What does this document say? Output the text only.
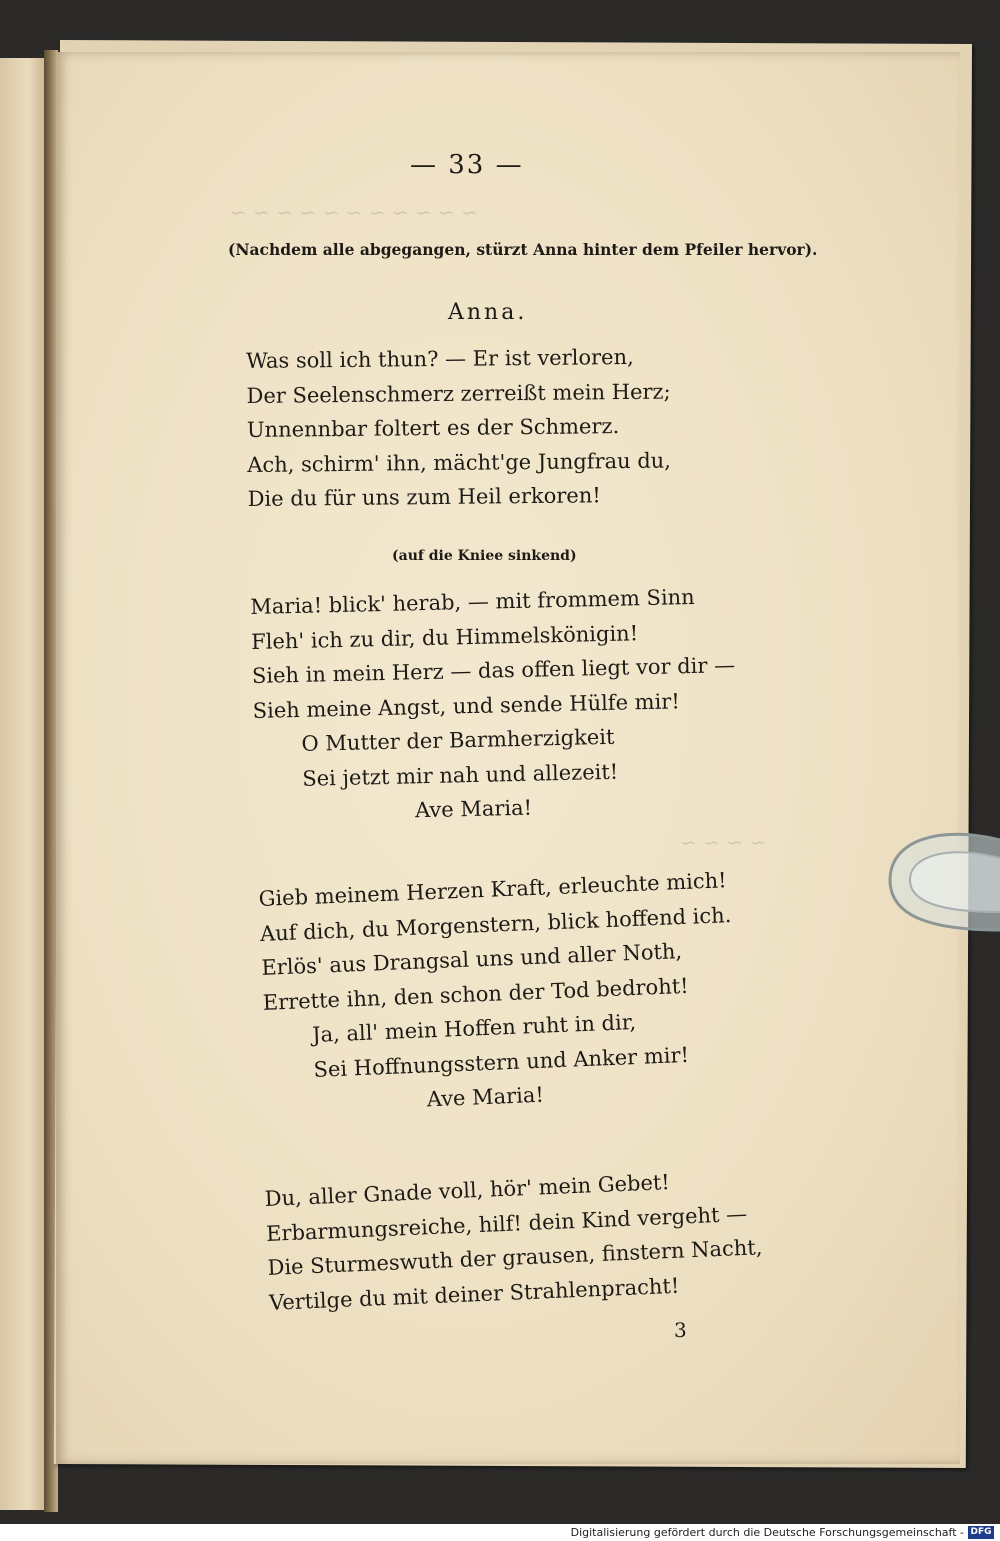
~ ~ ~ ~ ~ ~ ~ ~ ~ ~ ~
~ ~ ~ ~
— 33 —
(Nachdem alle abgegangen, stürzt Anna hinter dem Pfeiler hervor).
Anna.
Was soll ich thun? — Er ist verloren,
Der Seelenschmerz zerreißt mein Herz;
Unnennbar foltert es der Schmerz.
Ach, schirm' ihn, mächt'ge Jungfrau du,
Die du für uns zum Heil erkoren!
(auf die Kniee sinkend)
Maria! blick' herab, — mit frommem Sinn
Fleh' ich zu dir, du Himmelskönigin!
Sieh in mein Herz — das offen liegt vor dir —
Sieh meine Angst, und sende Hülfe mir!
O Mutter der Barmherzigkeit
Sei jetzt mir nah und allezeit!
Ave Maria!
Gieb meinem Herzen Kraft, erleuchte mich!
Auf dich, du Morgenstern, blick hoffend ich.
Erlös' aus Drangsal uns und aller Noth,
Errette ihn, den schon der Tod bedroht!
Ja, all' mein Hoffen ruht in dir,
Sei Hoffnungsstern und Anker mir!
Ave Maria!
Du, aller Gnade voll, hör' mein Gebet!
Erbarmungsreiche, hilf! dein Kind vergeht —
Die Sturmeswuth der grausen, finstern Nacht,
Vertilge du mit deiner Strahlenpracht!
3
Digitalisierung gefördert durch die Deutsche Forschungsgemeinschaft - DFG
